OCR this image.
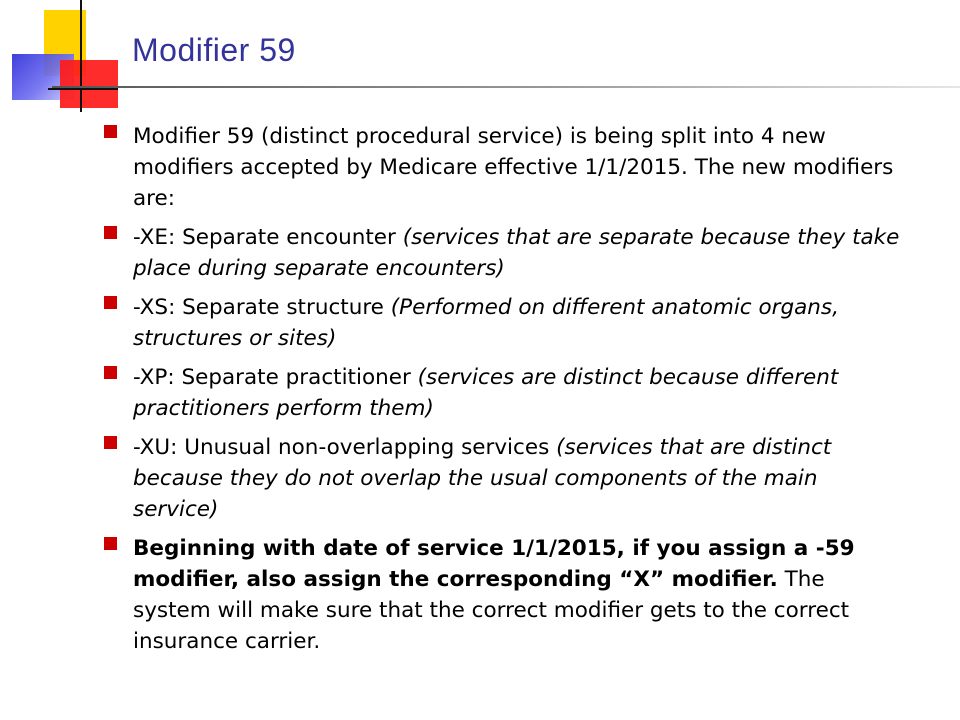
Modifier 59
Modifier 59 (distinct procedural service) is being split into 4 new modifiers accepted by Medicare effective 1/1/2015. The new modifiers are:
-XE: Separate encounter (services that are separate because they take place during separate encounters)
-XS: Separate structure (Performed on different anatomic organs, structures or sites)
-XP: Separate practitioner (services are distinct because different practitioners perform them)
-XU: Unusual non-overlapping services (services that are distinct because they do not overlap the usual components of the main service)
Beginning with date of service 1/1/2015, if you assign a -59 modifier, also assign the corresponding “X” modifier. The system will make sure that the correct modifier gets to the correct insurance carrier.
